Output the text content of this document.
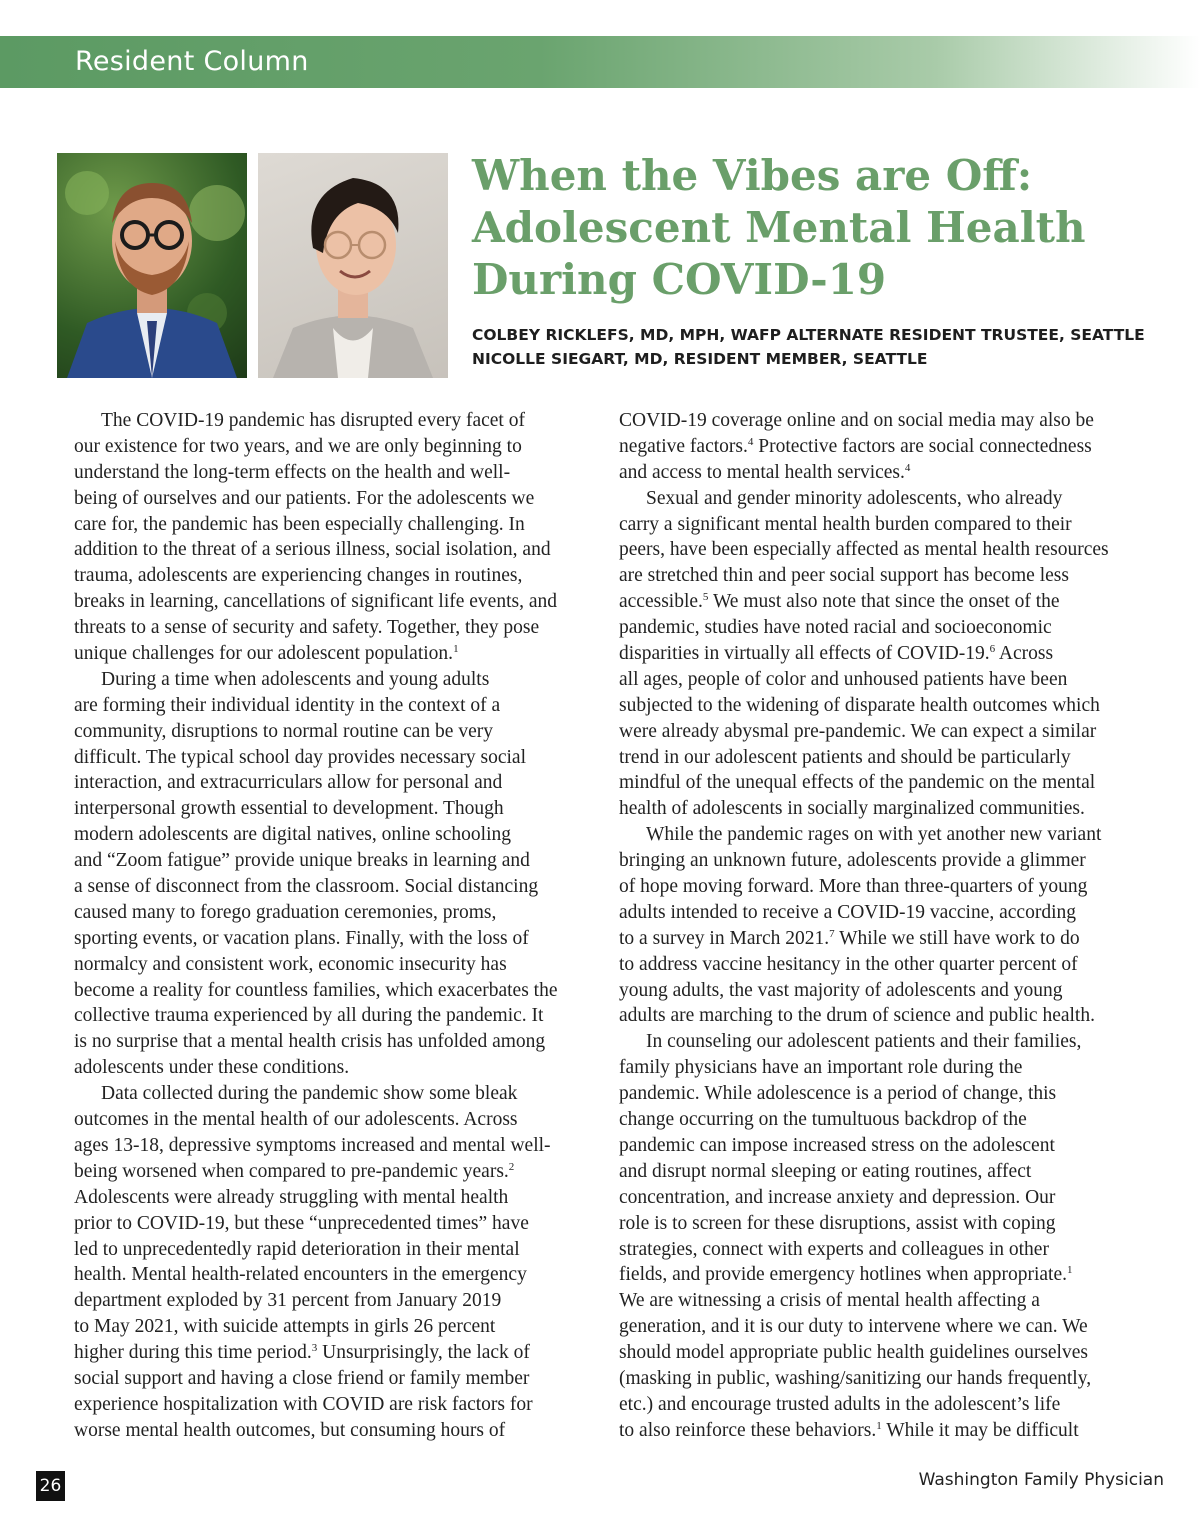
Resident Column
When the Vibes are Off:
Adolescent Mental Health
During COVID-19
COLBEY RICKLEFS, MD, MPH, WAFP ALTERNATE RESIDENT TRUSTEE, SEATTLE
NICOLLE SIEGART, MD, RESIDENT MEMBER, SEATTLE
The COVID-19 pandemic has disrupted every facet of
our existence for two years, and we are only beginning to
understand the long-term effects on the health and well-
being of ourselves and our patients. For the adolescents we
care for, the pandemic has been especially challenging. In
addition to the threat of a serious illness, social isolation, and
trauma, adolescents are experiencing changes in routines,
breaks in learning, cancellations of significant life events, and
threats to a sense of security and safety. Together, they pose
unique challenges for our adolescent population.$^1$
During a time when adolescents and young adults
are forming their individual identity in the context of a
community, disruptions to normal routine can be very
difficult. The typical school day provides necessary social
interaction, and extracurriculars allow for personal and
interpersonal growth essential to development. Though
modern adolescents are digital natives, online schooling
and “Zoom fatigue” provide unique breaks in learning and
a sense of disconnect from the classroom. Social distancing
caused many to forego graduation ceremonies, proms,
sporting events, or vacation plans. Finally, with the loss of
normalcy and consistent work, economic insecurity has
become a reality for countless families, which exacerbates the
collective trauma experienced by all during the pandemic. It
is no surprise that a mental health crisis has unfolded among
adolescents under these conditions.
Data collected during the pandemic show some bleak
outcomes in the mental health of our adolescents. Across
ages 13-18, depressive symptoms increased and mental well-
being worsened when compared to pre-pandemic years.$^2$
Adolescents were already struggling with mental health
prior to COVID-19, but these “unprecedented times” have
led to unprecedentedly rapid deterioration in their mental
health. Mental health-related encounters in the emergency
department exploded by 31 percent from January 2019
to May 2021, with suicide attempts in girls 26 percent
higher during this time period.$^3$ Unsurprisingly, the lack of
social support and having a close friend or family member
experience hospitalization with COVID are risk factors for
worse mental health outcomes, but consuming hours of
COVID-19 coverage online and on social media may also be
negative factors.$^4$ Protective factors are social connectedness
and access to mental health services.$^4$
Sexual and gender minority adolescents, who already
carry a significant mental health burden compared to their
peers, have been especially affected as mental health resources
are stretched thin and peer social support has become less
accessible.$^5$ We must also note that since the onset of the
pandemic, studies have noted racial and socioeconomic
disparities in virtually all effects of COVID-19.$^6$ Across
all ages, people of color and unhoused patients have been
subjected to the widening of disparate health outcomes which
were already abysmal pre-pandemic. We can expect a similar
trend in our adolescent patients and should be particularly
mindful of the unequal effects of the pandemic on the mental
health of adolescents in socially marginalized communities.
While the pandemic rages on with yet another new variant
bringing an unknown future, adolescents provide a glimmer
of hope moving forward. More than three-quarters of young
adults intended to receive a COVID-19 vaccine, according
to a survey in March 2021.$^7$ While we still have work to do
to address vaccine hesitancy in the other quarter percent of
young adults, the vast majority of adolescents and young
adults are marching to the drum of science and public health.
In counseling our adolescent patients and their families,
family physicians have an important role during the
pandemic. While adolescence is a period of change, this
change occurring on the tumultuous backdrop of the
pandemic can impose increased stress on the adolescent
and disrupt normal sleeping or eating routines, affect
concentration, and increase anxiety and depression. Our
role is to screen for these disruptions, assist with coping
strategies, connect with experts and colleagues in other
fields, and provide emergency hotlines when appropriate.$^1$
We are witnessing a crisis of mental health affecting a
generation, and it is our duty to intervene where we can. We
should model appropriate public health guidelines ourselves
(masking in public, washing/sanitizing our hands frequently,
etc.) and encourage trusted adults in the adolescent’s life
to also reinforce these behaviors.$^1$ While it may be difficult
26	Washington Family Physician
